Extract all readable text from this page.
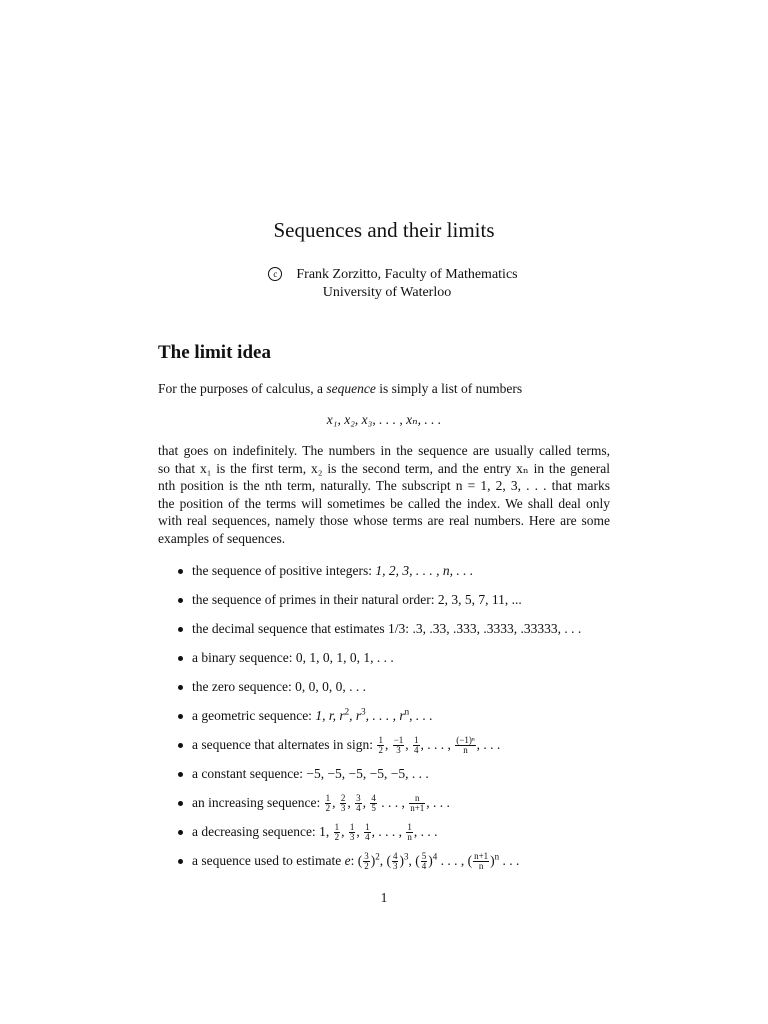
Sequences and their limits
c Frank Zorzitto, Faculty of Mathematics
University of Waterloo
The limit idea
For the purposes of calculus, a sequence is simply a list of numbers
x₁, x₂, x₃, . . . , xₙ, . . .
that goes on indefinitely. The numbers in the sequence are usually called terms,
so that x₁ is the first term, x₂ is the second term, and the entry xₙ in the general
nth position is the nth term, naturally. The subscript n = 1, 2, 3, . . . that marks
the position of the terms will sometimes be called the index. We shall deal only
with real sequences, namely those whose terms are real numbers. Here are some
examples of sequences.
the sequence of positive integers: 1, 2, 3, . . . , n, . . .
the sequence of primes in their natural order: 2, 3, 5, 7, 11, ...
the decimal sequence that estimates 1/3: .3, .33, .333, .3333, .33333, . . .
a binary sequence: 0, 1, 0, 1, 0, 1, . . .
the zero sequence: 0, 0, 0, 0, . . .
a geometric sequence: 1, r, $r^2$, $r^3$, . . . , $r^n$, . . .
a sequence that alternates in sign: $\frac{1}{2}$ , $\frac{-1}{3}$ , $\frac{1}{4}$ , . . . , $\frac{\text{(−1)ⁿ}}{n}$ , . . .
a constant sequence: −5, −5, −5, −5, −5, . . .
an increasing sequence: $\frac{1}{2}$ , $\frac{2}{3}$ , $\frac{3}{4}$ , $\frac{4}{5}$ . . . , $\frac{n}{n+1}$ , . . .
a decreasing sequence: 1, $\frac{1}{2}$ , $\frac{1}{3}$ , $\frac{1}{4}$ , . . . , $\frac{1}{n}$ , . . .
a sequence used to estimate e: ( $\frac{3}{2} )^2$, ( $\frac{4}{3} )^3$, ( $\frac{5}{4} )^4$ . . . , ( $\frac{n+1}{n} )^n$ . . .
1
